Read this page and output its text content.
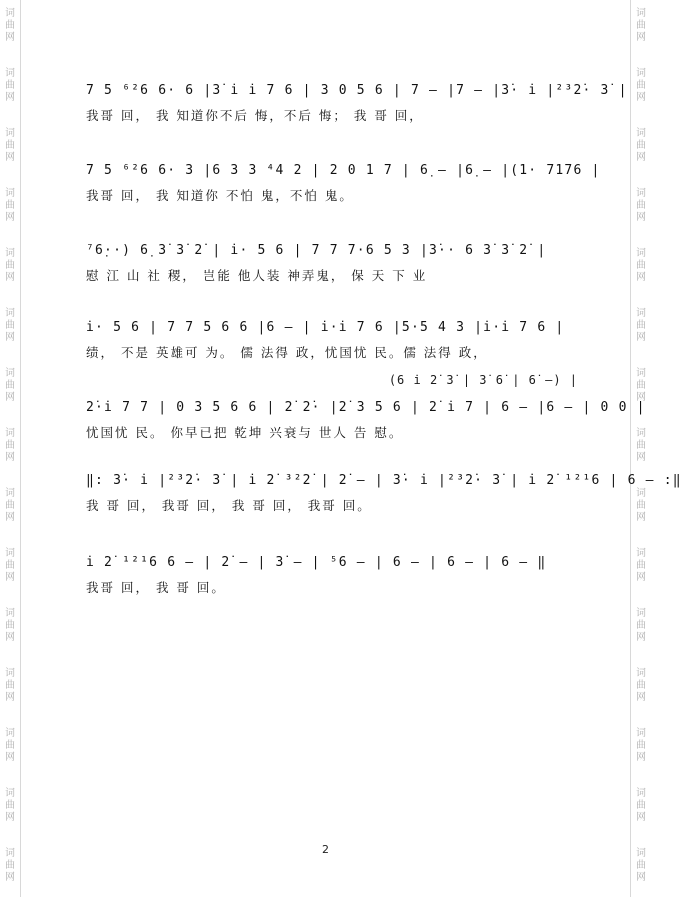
词
曲
网
词
曲
网
词
曲
网
词
曲
网
词
曲
网
词
曲
网
词
曲
网
词
曲
网
词
曲
网
词
曲
网
词
曲
网
词
曲
网
词
曲
网
词
曲
网
词
曲
网
词
曲
网
词
曲
网
词
曲
网
词
曲
网
词
曲
网
词
曲
网
词
曲
网
词
曲
网
词
曲
网
词
曲
网
词
曲
网
词
曲
网
词
曲
网
词
曲
网
词
曲
网
7 5 ⁶²6 6· 6 |3̇ i̇ i̇ 7 6 | 3 0 5 6 | 7 — |7 — |3̇· i̇ |²³2̇· 3̇ |
我哥 回， 我 知道你不后 悔，不后 悔； 我 哥 回，
7 5 ⁶²6 6· 3 |6 3 3 ⁴4 2 | 2 0 1 7 | 6̣ — |6̣ — |(1· 7176 |
我哥 回， 我 知道你 不怕 鬼，不怕 鬼。
⁷6̣··) 6̣ 3̇ 3̇ 2̇ | i̇· 5 6 | 7 7 7·6 5 3 |3̇·· 6 3̇ 3̇ 2̇ |
慰 江 山 社 稷， 岂能 他人装 神弄鬼， 保 天 下 业
i̇· 5 6 | 7 7 5 6 6 |6 — | i̇·i̇ 7 6 |5·5 4 3 |i̇·i̇ 7 6 |
绩， 不是 英雄可 为。 儒 法得 政，忧国忧 民。儒 法得 政，
(6 i̇ 2̇ 3̇ | 3̇ 6̇ | 6̇ —) |
2̇·i̇ 7 7 | 0 3 5 6 6 | 2̇ 2̇· |2̇ 3 5 6 | 2̇ i̇ 7 | 6 — |6 — | 0 0 |
忧国忧 民。 你早已把 乾坤 兴衰与 世人 告 慰。
‖: 3̇· i̇ |²³2̇· 3̇ | i̇ 2̇ ³²2̇ | 2̇ — | 3̇· i̇ |²³2̇· 3̇ | i̇ 2̇ ¹²¹6 | 6 — :‖
我 哥 回， 我哥 回， 我 哥 回， 我哥 回。
i̇ 2̇ ¹²¹6 6 — | 2̇ — | 3̇ — | ⁵6 — | 6 — | 6 — | 6 — ‖
我哥 回， 我 哥 回。
2
